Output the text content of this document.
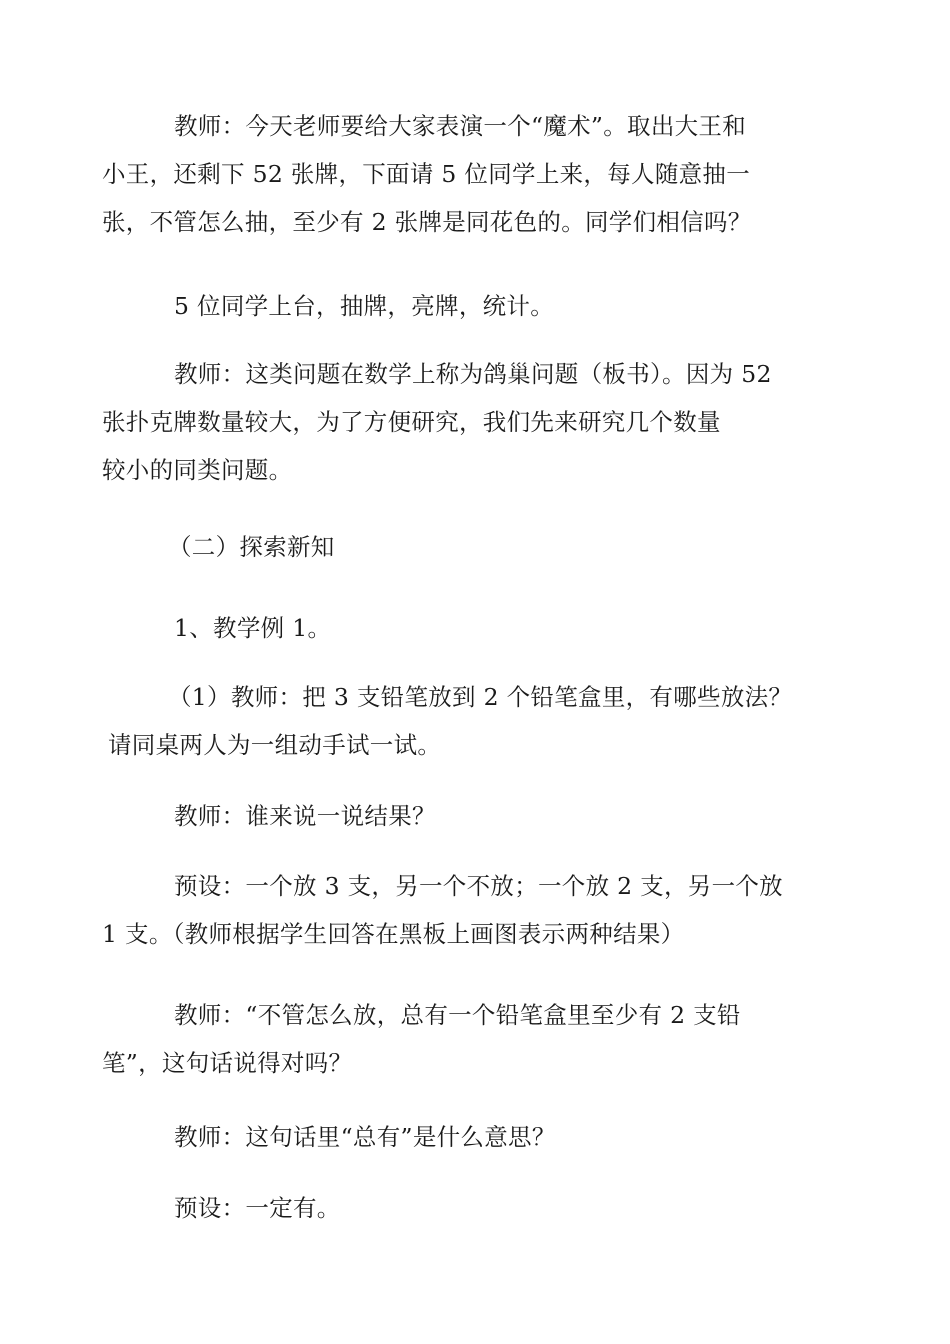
教师：今天老师要给大家表演一个“魔术”。取出大王和
小王，还剩下 52 张牌，下面请 5 位同学上来，每人随意抽一
张，不管怎么抽，至少有 2 张牌是同花色的。同学们相信吗？
5 位同学上台，抽牌，亮牌，统计。
教师：这类问题在数学上称为鸽巢问题（板书）。因为 52
张扑克牌数量较大，为了方便研究，我们先来研究几个数量
较小的同类问题。
（二）探索新知
1、教学例 1。
（1）教师：把 3 支铅笔放到 2 个铅笔盒里，有哪些放法？
请同桌两人为一组动手试一试。
教师：谁来说一说结果？
预设：一个放 3 支，另一个不放；一个放 2 支，另一个放
1 支。（教师根据学生回答在黑板上画图表示两种结果）
教师：“不管怎么放，总有一个铅笔盒里至少有 2 支铅
笔”，这句话说得对吗？
教师：这句话里“总有”是什么意思？
预设：一定有。
